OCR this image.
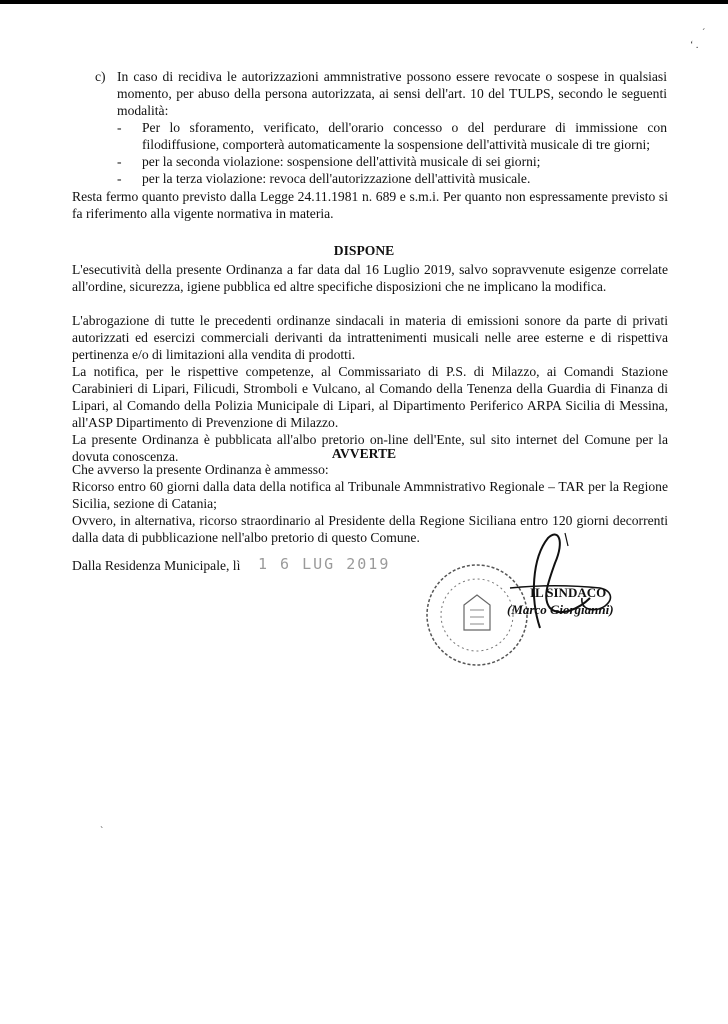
ˊ
ʻ .
ˋ
c) In caso di recidiva le autorizzazioni ammnistrative possono essere revocate o sospese in qualsiasi momento, per abuso della persona autorizzata, ai sensi dell'art. 10 del TULPS, secondo le seguenti modalità:
- Per lo sforamento, verificato, dell'orario concesso o del perdurare di immissione con filodiffusione, comporterà automaticamente la sospensione dell'attività musicale di tre giorni;
- per la seconda violazione: sospensione dell'attività musicale di sei giorni;
- per la terza violazione: revoca dell'autorizzazione dell'attività musicale.
Resta fermo quanto previsto dalla Legge 24.11.1981 n. 689 e s.m.i. Per quanto non espressamente previsto si fa riferimento alla vigente normativa in materia.
DISPONE
L'esecutività della presente Ordinanza a far data dal 16 Luglio 2019, salvo sopravvenute esigenze correlate all'ordine, sicurezza, igiene pubblica ed altre specifiche disposizioni che ne implicano la modifica.
L'abrogazione di tutte le precedenti ordinanze sindacali in materia di emissioni sonore da parte di privati autorizzati ed esercizi commerciali derivanti da intrattenimenti musicali nelle aree esterne e di rispettiva pertinenza e/o di limitazioni alla vendita di prodotti.
La notifica, per le rispettive competenze, al Commissariato di P.S. di Milazzo, ai Comandi Stazione Carabinieri di Lipari, Filicudi, Stromboli e Vulcano, al Comando della Tenenza della Guardia di Finanza di Lipari, al Comando della Polizia Municipale di Lipari, al Dipartimento Periferico ARPA Sicilia di Messina, all'ASP Dipartimento di Prevenzione di Milazzo.
La presente Ordinanza è pubblicata all'albo pretorio on-line dell'Ente, sul sito internet del Comune per la dovuta conoscenza.	AVVERTE
Che avverso la presente Ordinanza è ammesso:
Ricorso entro 60 giorni dalla data della notifica al Tribunale Ammnistrativo Regionale – TAR per la Regione Sicilia, sezione di Catania;
Ovvero, in alternativa, ricorso straordinario al Presidente della Regione Siciliana entro 120 giorni decorrenti dalla data di pubblicazione nell'albo pretorio di questo Comune.
Dalla Residenza Municipale, lì	1 6 LUG 2019
IL SINDACO
(Marco Giorgianni)
